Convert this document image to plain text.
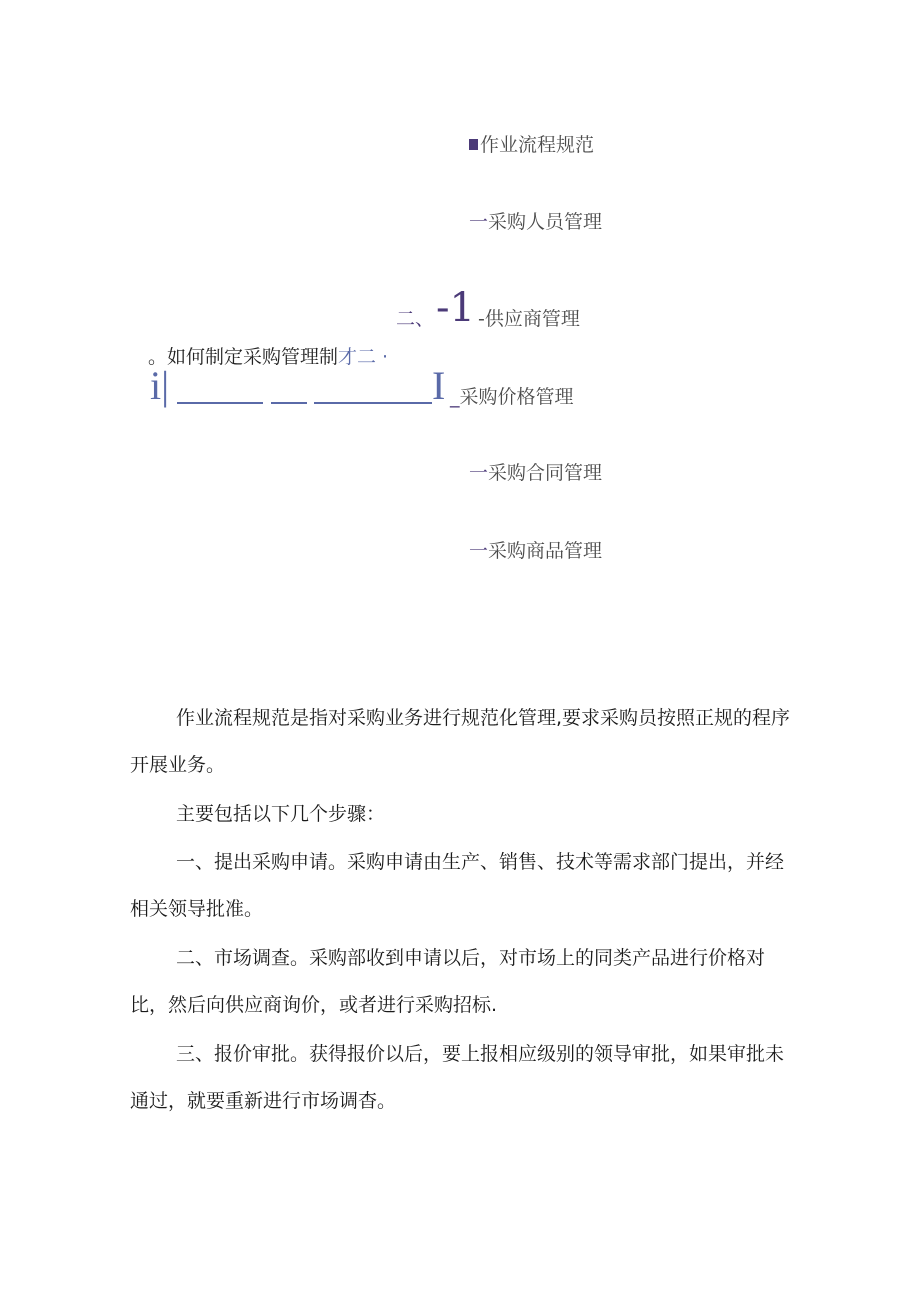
作业流程规范
一采购人员管理
二、 -1 -供应商管理
。如何制定采购管理制才二 ·
i|	I _采购价格管理
一采购合同管理
一采购商品管理
作业流程规范是指对采购业务进行规范化管理,要求采购员按照正规的程序开展业务。
主要包括以下几个步骤：
一、提出采购申请。采购申请由生产、销售、技术等需求部门提出，并经相关领导批准。
二、市场调查。采购部收到申请以后，对市场上的同类产品进行价格对比，然后向供应商询价，或者进行采购招标.
三、报价审批。获得报价以后，要上报相应级别的领导审批，如果审批未通过，就要重新进行市场调杳。
